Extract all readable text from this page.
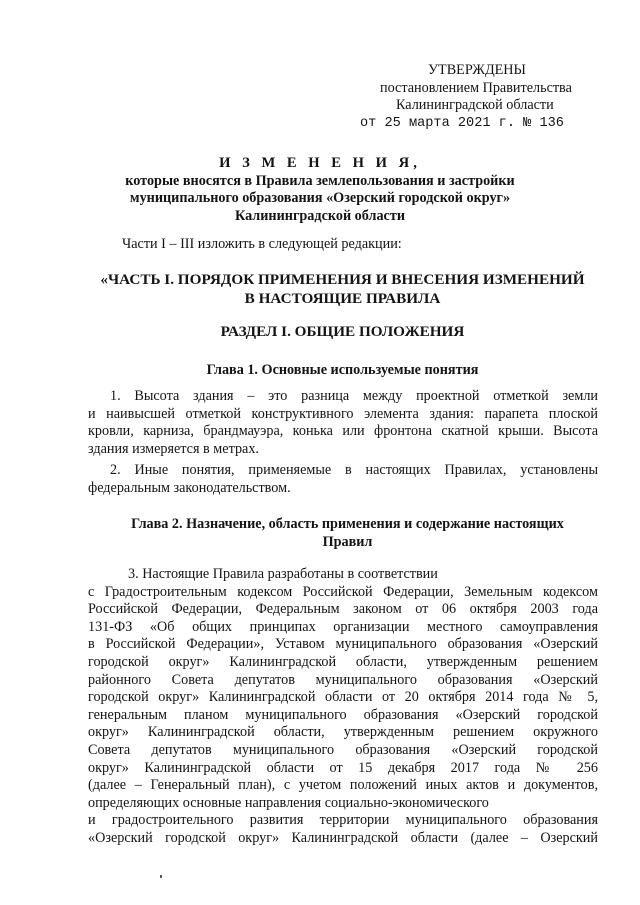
УТВЕРЖДЕНЫ
постановлением Правительства
Калининградской области
от 25 марта 2021 г. № 136
И З М Е Н Е Н И Я,
которые вносятся в Правила землепользования и застройки
муниципального образования «Озерский городской округ»
Калининградской области
Части I – III изложить в следующей редакции:
«ЧАСТЬ I. ПОРЯДОК ПРИМЕНЕНИЯ И ВНЕСЕНИЯ ИЗМЕНЕНИЙ
В НАСТОЯЩИЕ ПРАВИЛА
РАЗДЕЛ I. ОБЩИЕ ПОЛОЖЕНИЯ
Глава 1. Основные используемые понятия
1. Высота здания – это разница между проектной отметкой земли
и наивысшей отметкой конструктивного элемента здания: парапета плоской
кровли, карниза, брандмауэра, конька или фронтона скатной крыши. Высота
здания измеряется в метрах.
2. Иные понятия, применяемые в настоящих Правилах, установлены
федеральным законодательством.
Глава 2. Назначение, область применения и содержание настоящих
Правил
3. Настоящие Правила разработаны в соответствии
с Градостроительным кодексом Российской Федерации, Земельным кодексом
Российской Федерации, Федеральным законом от 06 октября 2003 года
131-ФЗ «Об общих принципах организации местного самоуправления
в Российской Федерации», Уставом муниципального образования «Озерский
городской округ» Калининградской области, утвержденным решением
районного Совета депутатов муниципального образования «Озерский
городской округ» Калининградской области от 20 октября 2014 года № 5,
генеральным планом муниципального образования «Озерский городской
округ» Калининградской области, утвержденным решением окружного
Совета депутатов муниципального образования «Озерский городской
округ» Калининградской области от 15 декабря 2017 года № 256
(далее – Генеральный план), с учетом положений иных актов и документов,
определяющих основные направления социально-экономического
и градостроительного развития территории муниципального образования
«Озерский городской округ» Калининградской области (далее – Озерский
